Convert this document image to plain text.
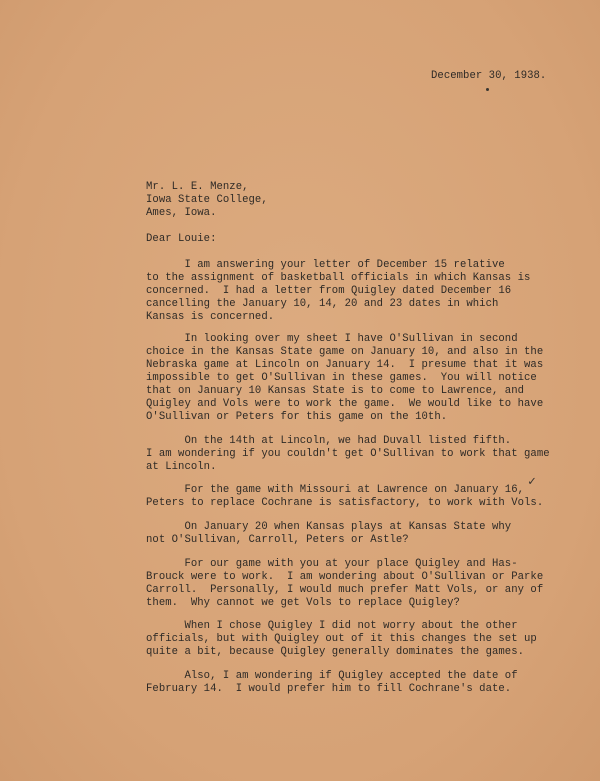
December 30, 1938.
Mr. L. E. Menze,
Iowa State College,
Ames, Iowa.
Dear Louie:
I am answering your letter of December 15 relative
to the assignment of basketball officials in which Kansas is
concerned.  I had a letter from Quigley dated December 16
cancelling the January 10, 14, 20 and 23 dates in which
Kansas is concerned.
In looking over my sheet I have O'Sullivan in second
choice in the Kansas State game on January 10, and also in the
Nebraska game at Lincoln on January 14.  I presume that it was
impossible to get O'Sullivan in these games.  You will notice
that on January 10 Kansas State is to come to Lawrence, and
Quigley and Vols were to work the game.  We would like to have
O'Sullivan or Peters for this game on the 10th.
On the 14th at Lincoln, we had Duvall listed fifth.
I am wondering if you couldn't get O'Sullivan to work that game
at Lincoln.
For the game with Missouri at Lawrence on January 16,
Peters to replace Cochrane is satisfactory, to work with Vols.
On January 20 when Kansas plays at Kansas State why
not O'Sullivan, Carroll, Peters or Astle?
For our game with you at your place Quigley and Has-
Brouck were to work.  I am wondering about O'Sullivan or Parke
Carroll.  Personally, I would much prefer Matt Vols, or any of
them.  Why cannot we get Vols to replace Quigley?
When I chose Quigley I did not worry about the other
officials, but with Quigley out of it this changes the set up
quite a bit, because Quigley generally dominates the games.
Also, I am wondering if Quigley accepted the date of
February 14.  I would prefer him to fill Cochrane's date.
✓
